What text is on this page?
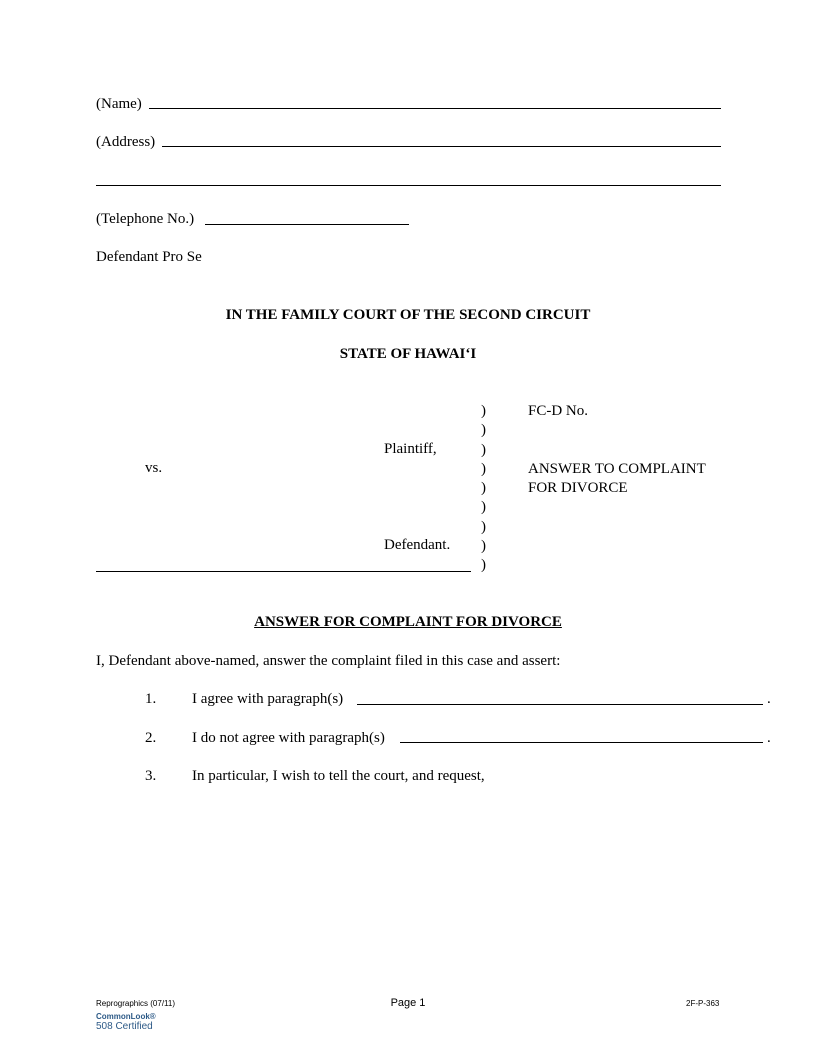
(Name)
(Address)
(Telephone No.)
Defendant Pro Se
IN THE FAMILY COURT OF THE SECOND CIRCUIT
STATE OF HAWAI‘I
Plaintiff,
vs.
Defendant.
)
)
)
)
)
)
)
)
)
FC-D No.
ANSWER TO COMPLAINT
FOR DIVORCE
ANSWER FOR COMPLAINT FOR DIVORCE
I, Defendant above-named, answer the complaint filed in this case and assert:
1. I agree with paragraph(s)	.
2. I do not agree with paragraph(s)	.
3. In particular, I wish to tell the court, and request,
Reprographics (07/11)	Page 1	2F-P-363
CommonLook®
508 Certified
